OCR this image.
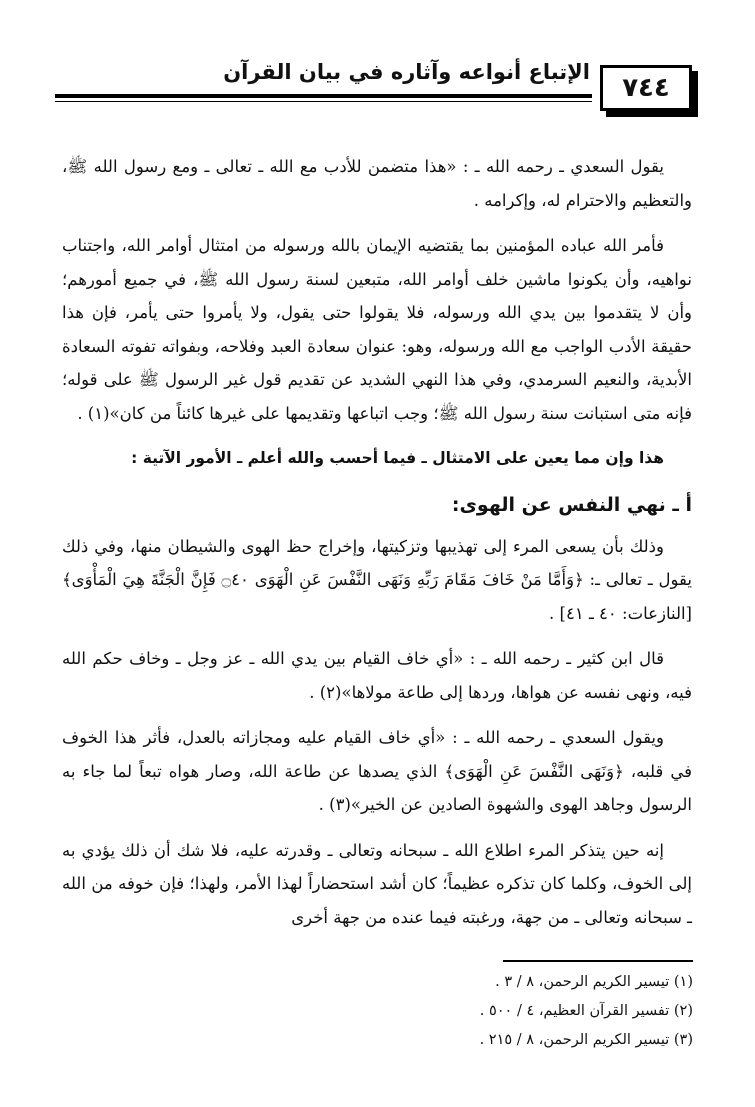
الإتباع أنواعه وآثاره في بيان القرآن
٧٤٤

يقول السعدي ـ رحمه الله ـ : «هذا متضمن للأدب مع الله ـ تعالى ـ ومع رسول الله ﷺ، والتعظيم والاحترام له، وإكرامه .

فأمر الله عباده المؤمنين بما يقتضيه الإيمان بالله ورسوله من امتثال أوامر الله، واجتناب نواهيه، وأن يكونوا ماشين خلف أوامر الله، متبعين لسنة رسول الله ﷺ، في جميع أمورهم؛ وأن لا يتقدموا بين يدي الله ورسوله، فلا يقولوا حتى يقول، ولا يأمروا حتى يأمر، فإن هذا حقيقة الأدب الواجب مع الله ورسوله، وهو: عنوان سعادة العبد وفلاحه، وبفواته تفوته السعادة الأبدية، والنعيم السرمدي، وفي هذا النهي الشديد عن تقديم قول غير الرسول ﷺ على قوله؛ فإنه متى استبانت سنة رسول الله ﷺ؛ وجب اتباعها وتقديمها على غيرها كائناً من كان»(١) .

هذا وإن مما يعين على الامتثال ـ فيما أحسب والله أعلم ـ الأمور الآتية :

أ ـ نهي النفس عن الهوى:

وذلك بأن يسعى المرء إلى تهذيبها وتزكيتها، وإخراج حظ الهوى والشيطان منها، وفي ذلك يقول ـ تعالى ـ: ﴿وَأَمَّا مَنْ خَافَ مَقَامَ رَبِّهِ وَنَهَى النَّفْسَ عَنِ الْهَوَى ۝٤٠ فَإِنَّ الْجَنَّةَ هِيَ الْمَأْوَى﴾ [النازعات: ٤٠ ـ ٤١] .

قال ابن كثير ـ رحمه الله ـ : «أي خاف القيام بين يدي الله ـ عز وجل ـ وخاف حكم الله فيه، ونهى نفسه عن هواها، وردها إلى طاعة مولاها»(٢) .

ويقول السعدي ـ رحمه الله ـ : «أي خاف القيام عليه ومجازاته بالعدل، فأثر هذا الخوف في قلبه، ﴿وَنَهَى النَّفْسَ عَنِ الْهَوَى﴾ الذي يصدها عن طاعة الله، وصار هواه تبعاً لما جاء به الرسول وجاهد الهوى والشهوة الصادين عن الخير»(٣) .

إنه حين يتذكر المرء اطلاع الله ـ سبحانه وتعالى ـ وقدرته عليه، فلا شك أن ذلك يؤدي به إلى الخوف، وكلما كان تذكره عظيماً؛ كان أشد استحضاراً لهذا الأمر، ولهذا؛ فإن خوفه من الله ـ سبحانه وتعالى ـ من جهة، ورغبته فيما عنده من جهة أخرى

(١) تيسير الكريم الرحمن، ٨ / ٣ .
(٢) تفسير القرآن العظيم، ٤ / ٥٠٠ .
(٣) تيسير الكريم الرحمن، ٨ / ٢١٥ .
